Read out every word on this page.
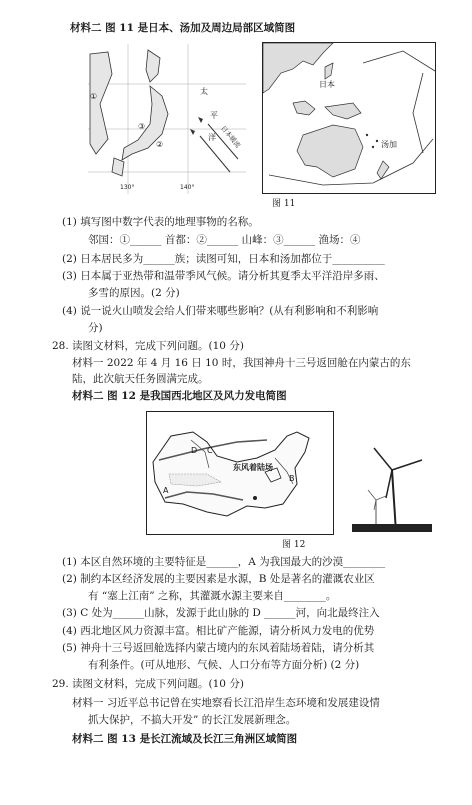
材料二 图 11 是日本、汤加及周边局部区域简图
①
②
③
太
平
洋 日本暖流
130°	140°
日本
汤加
图 11
(1) 填写图中数字代表的地理事物的名称。
邻国：①______ 首都：②______ 山峰：③______ 渔场：④
(2) 日本居民多为______族；读图可知，日本和汤加都位于__________
(3) 日本属于亚热带和温带季风气候。请分析其夏季太平洋沿岸多雨、
多雪的原因。(2 分)
(4) 说一说火山喷发会给人们带来哪些影响？(从有利影响和不利影响
分)
28. 读图文材料，完成下列问题。(10 分)
材料一 2022 年 4 月 16 日 10 时，我国神舟十三号返回舱在内蒙古的东
陆，此次航天任务圆满完成。
材料二 图 12 是我国西北地区及风力发电简图
D C
B
A
东风着陆场
图 12
(1) 本区自然环境的主要特征是______，A 为我国最大的沙漠________
(2) 制约本区经济发展的主要因素是水源，B 处是著名的灌溉农业区
有 “塞上江南” 之称，其灌溉水源主要来自________。
(3) C 处为______山脉，发源于此山脉的 D ______河，向北最终注入
(4) 西北地区风力资源丰富。相比矿产能源，请分析风力发电的优势
(5) 神舟十三号返回舱选择内蒙古境内的东风着陆场着陆，请分析其
有利条件。(可从地形、气候、人口分布等方面分析) (2 分)
29. 读图文材料，完成下列问题。(10 分)
材料一 习近平总书记曾在实地察看长江沿岸生态环境和发展建设情
抓大保护，不搞大开发” 的长江发展新理念。
材料二 图 13 是长江流域及长江三角洲区域简图
